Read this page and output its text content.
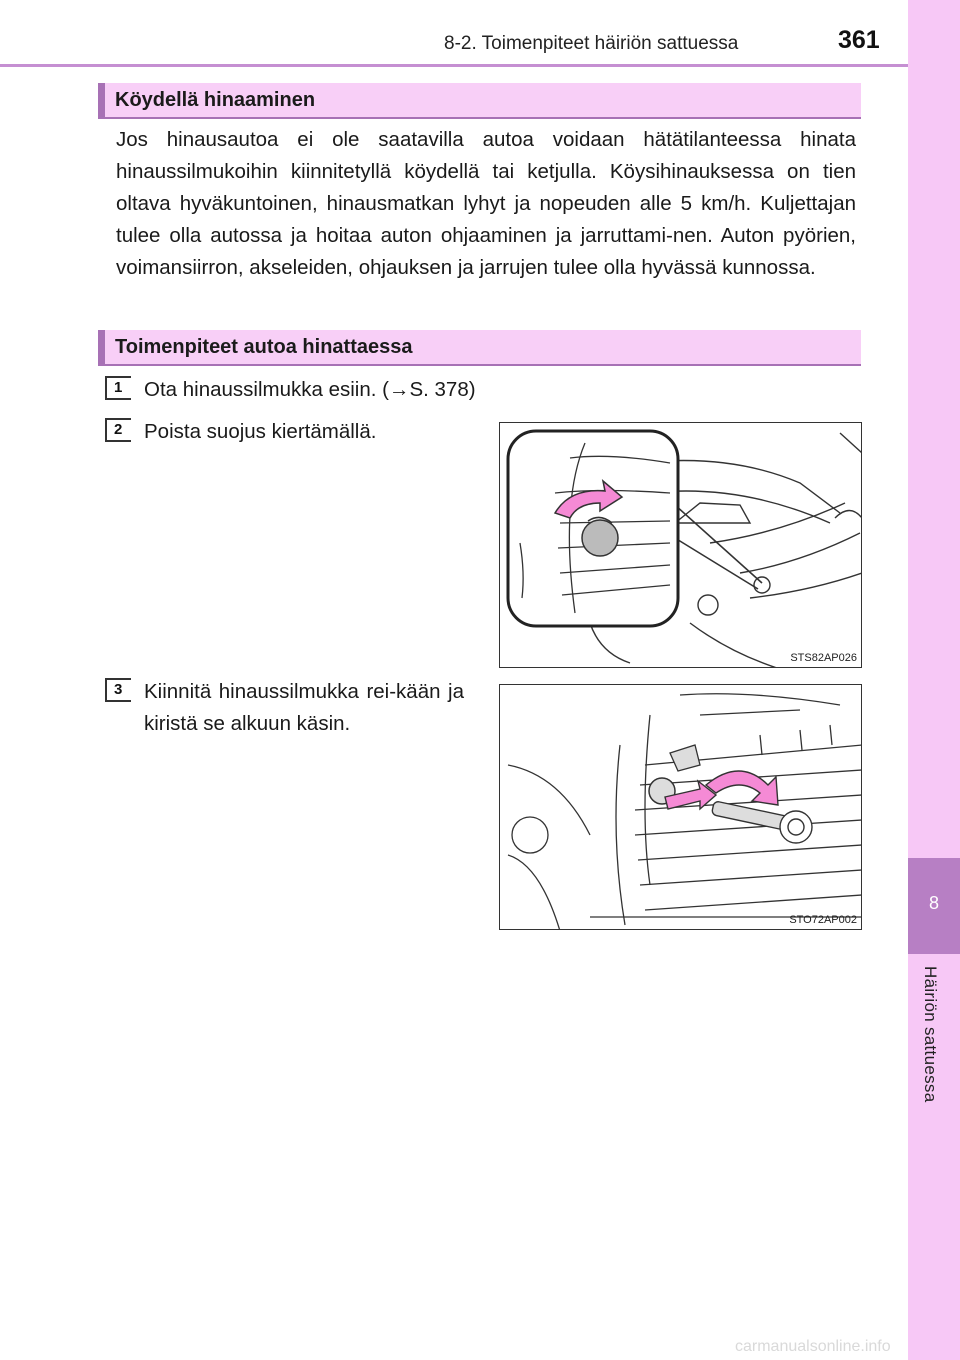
8-2. Toimenpiteet häiriön sattuessa	361
8
Häiriön sattuessa
Köydellä hinaaminen
Jos hinausautoa ei ole saatavilla autoa voidaan hätätilanteessa hinata hinaussilmukoihin kiinnitetyllä köydellä tai ketjulla. Köysihinauksessa on tien oltava hyväkuntoinen, hinausmatkan lyhyt ja nopeuden alle 5 km/h. Kuljettajan tulee olla autossa ja hoitaa auton ohjaaminen ja jarruttami-nen. Auton pyörien, voimansiirron, akseleiden, ohjauksen ja jarrujen tulee olla hyvässä kunnossa.
Toimenpiteet autoa hinattaessa
1	Ota hinaussilmukka esiin. (→S. 378)
2	Poista suojus kiertämällä.
3	Kiinnitä hinaussilmukka rei-kään ja kiristä se alkuun käsin.
STS82AP026
STO72AP002
carmanualsonline.info
